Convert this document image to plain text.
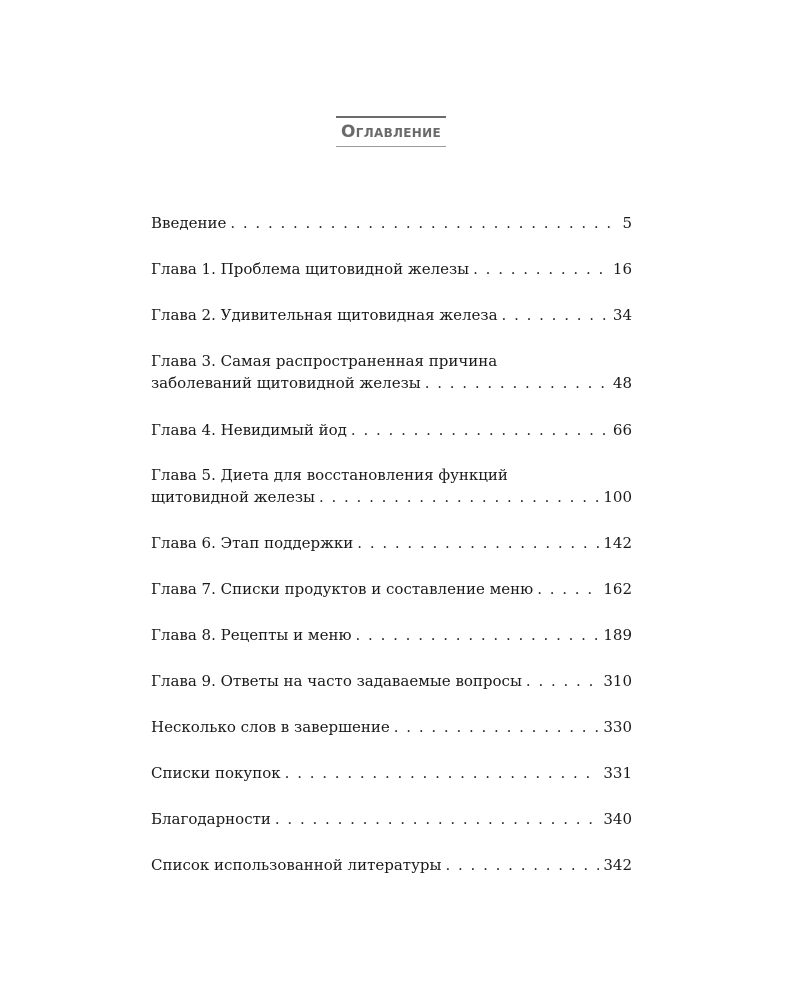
Оглавление
Введение . . .	5
Глава 1. Проблема щитовидной железы . . .	16
Глава 2. Удивительная щитовидная железа . . .	34
Глава 3. Самая распространенная причина
заболеваний щитовидной железы . . .	48
Глава 4. Невидимый йод . . .	66
Глава 5. Диета для восстановления функций
щитовидной железы . . .	100
Глава 6. Этап поддержки . . .	142
Глава 7. Списки продуктов и составление меню . . .	162
Глава 8. Рецепты и меню . . .	189
Глава 9. Ответы на часто задаваемые вопросы . . .	310
Несколько слов в завершение . . .	330
Списки покупок . . .	331
Благодарности . . .	340
Список использованной литературы . . .	342
